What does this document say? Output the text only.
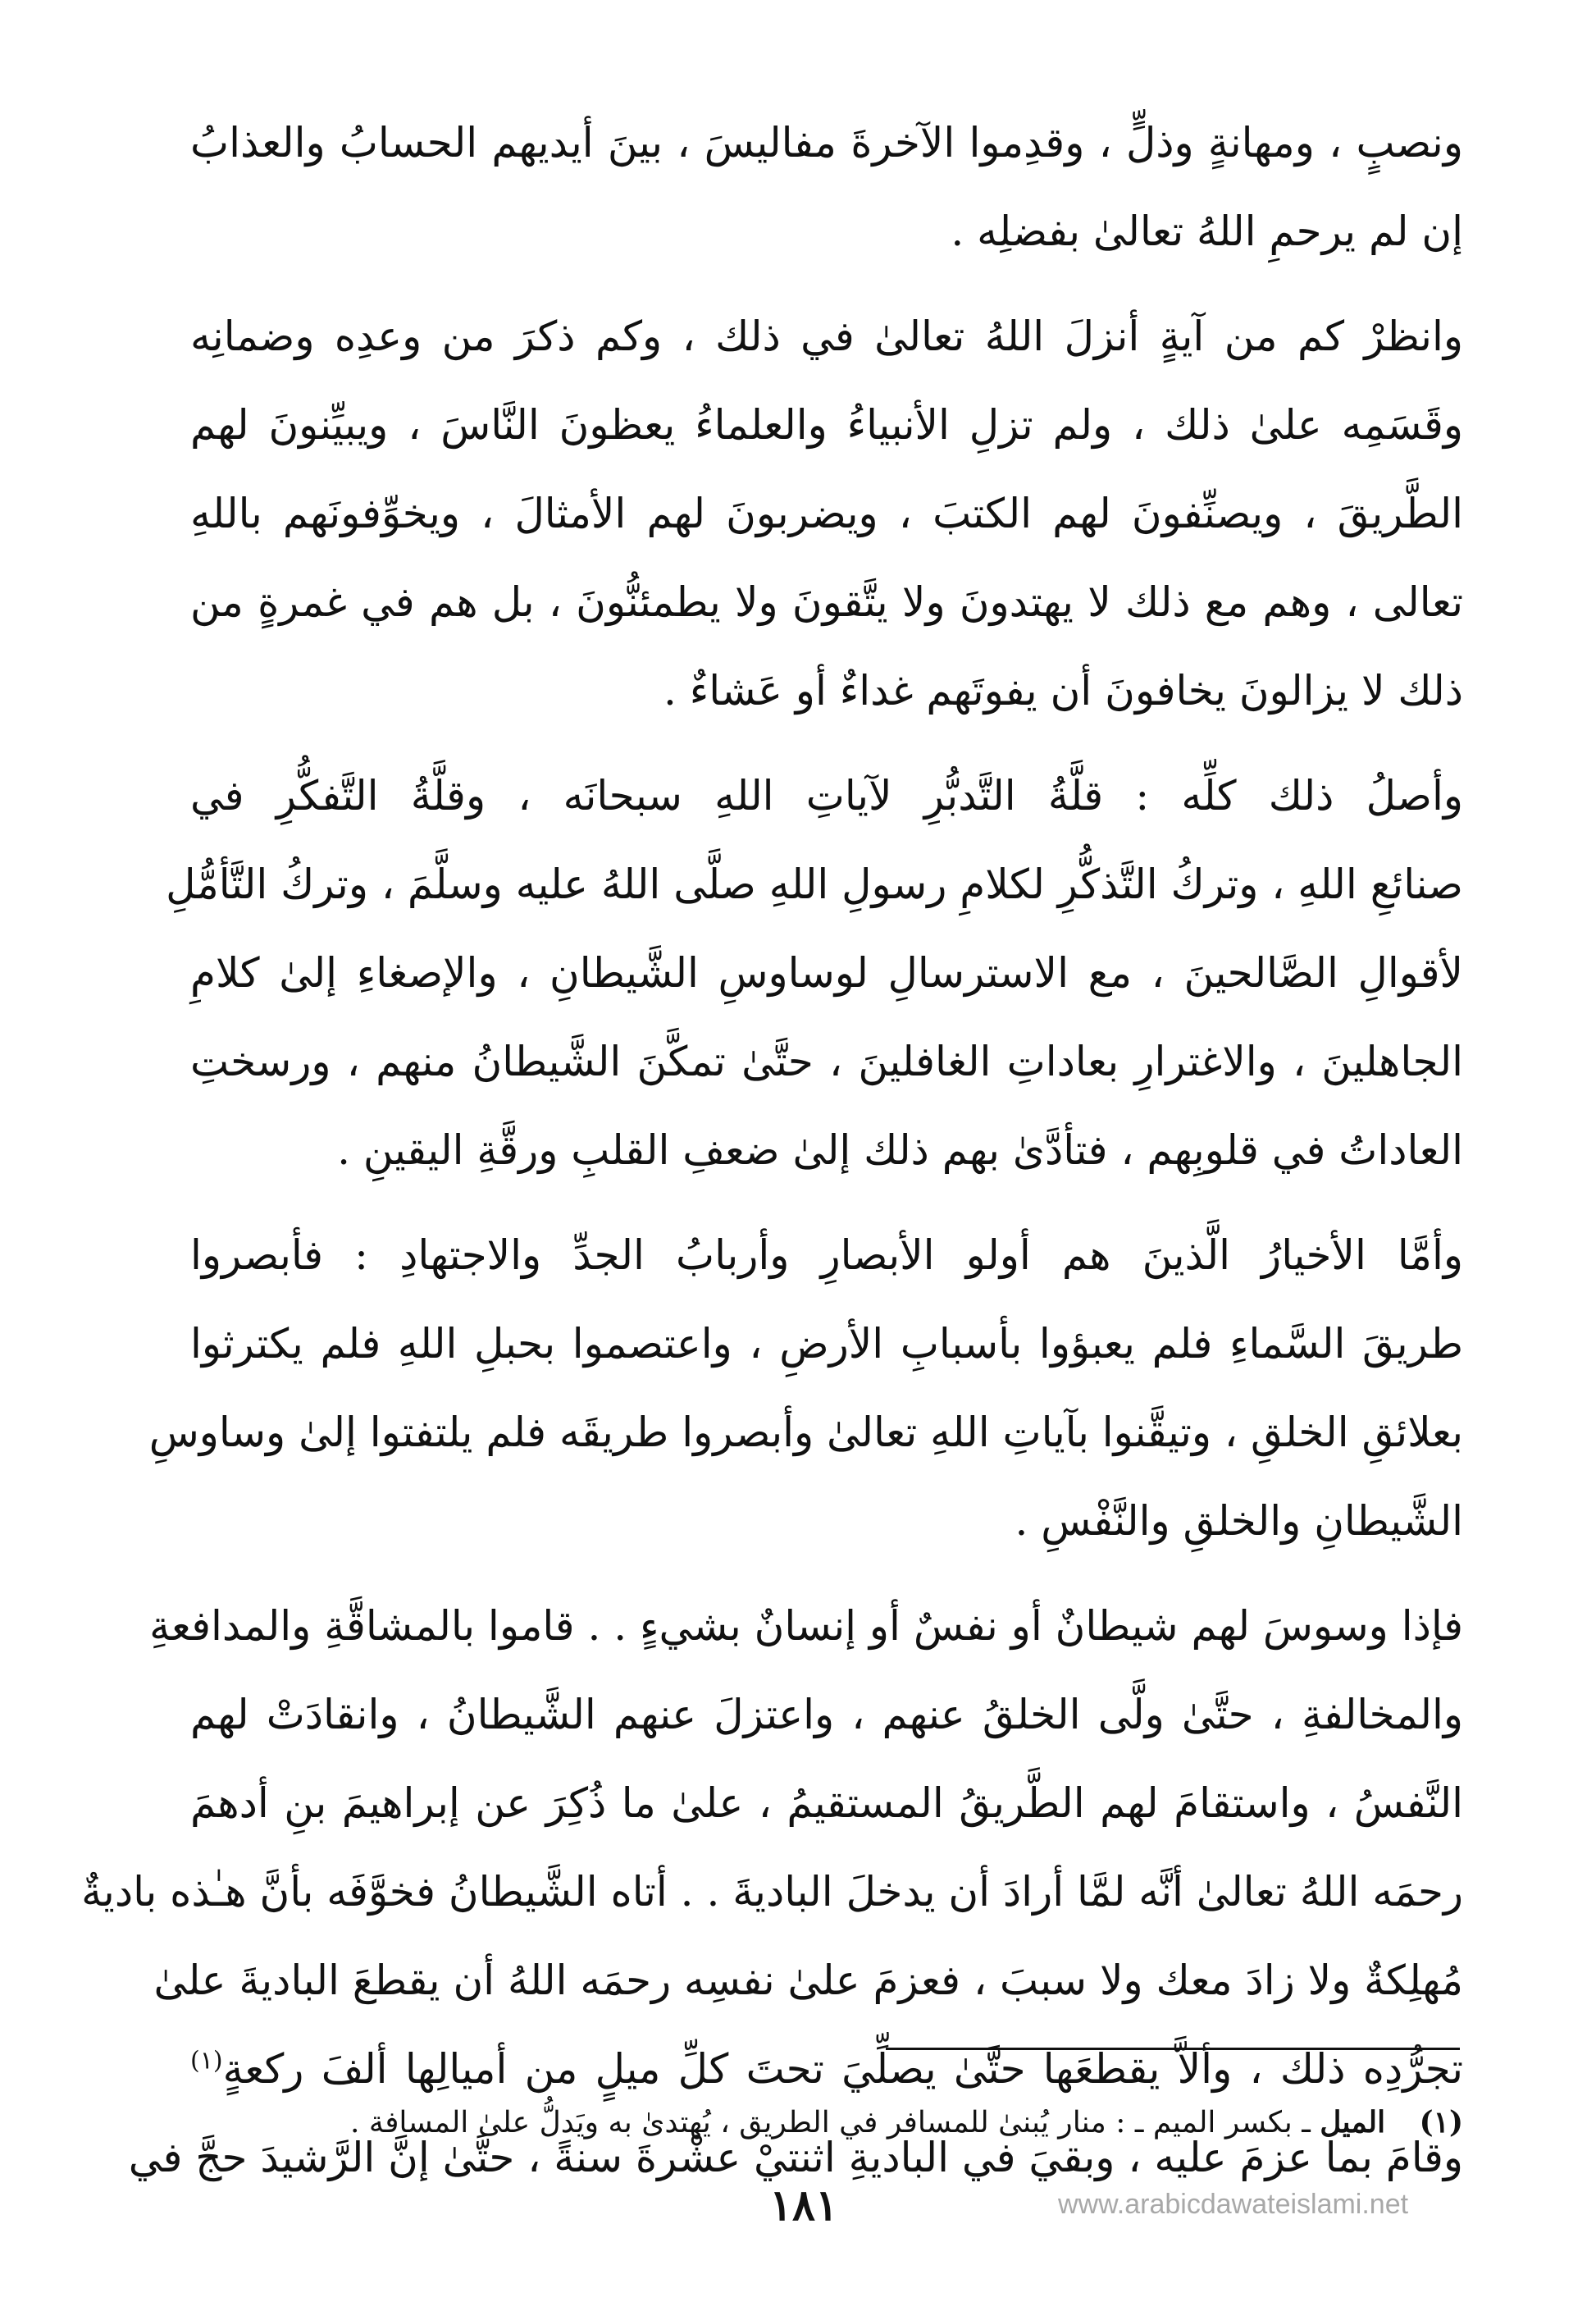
ونصبٍ ، ومهانةٍ وذلٍّ ، وقدِموا الآخرةَ مفاليسَ ، بينَ أيديهم الحسابُ والعذابُ
إن لم يرحمِ اللهُ تعالىٰ بفضلِه .

وانظرْ كم من آيةٍ أنزلَ اللهُ تعالىٰ في ذلك ، وكم ذكرَ من وعدِه وضمانِه
وقَسَمِه علىٰ ذلك ، ولم تزلِ الأنبياءُ والعلماءُ يعظونَ النَّاسَ ، ويبيِّنونَ لهم
الطَّريقَ ، ويصنِّفونَ لهم الكتبَ ، ويضربونَ لهم الأمثالَ ، ويخوِّفونَهم باللهِ
تعالى ، وهم مع ذلك لا يهتدونَ ولا يتَّقونَ ولا يطمئنُّونَ ، بل هم في غمرةٍ من
ذلك لا يزالونَ يخافونَ أن يفوتَهم غداءٌ أو عَشاءٌ .

وأصلُ ذلك كلِّه : قلَّةُ التَّدبُّرِ لآياتِ اللهِ سبحانَه ، وقلَّةُ التَّفكُّرِ في
صنائعِ اللهِ ، وتركُ التَّذكُّرِ لكلامِ رسولِ اللهِ صلَّى اللهُ عليه وسلَّمَ ، وتركُ التَّأمُّلِ
لأقوالِ الصَّالحينَ ، مع الاسترسالِ لوساوسِ الشَّيطانِ ، والإصغاءِ إلىٰ كلامِ
الجاهلينَ ، والاغترارِ بعاداتِ الغافلينَ ، حتَّىٰ تمكَّنَ الشَّيطانُ منهم ، ورسختِ
العاداتُ في قلوبِهم ، فتأدَّىٰ بهم ذلك إلىٰ ضعفِ القلبِ ورقَّةِ اليقينِ .

وأمَّا الأخيارُ الَّذينَ هم أولو الأبصارِ وأربابُ الجدِّ والاجتهادِ : فأبصروا
طريقَ السَّماءِ فلم يعبؤوا بأسبابِ الأرضِ ، واعتصموا بحبلِ اللهِ فلم يكترثوا
بعلائقِ الخلقِ ، وتيقَّنوا بآياتِ اللهِ تعالىٰ وأبصروا طريقَه فلم يلتفتوا إلىٰ وساوسِ
الشَّيطانِ والخلقِ والنَّفْسِ .

فإذا وسوسَ لهم شيطانٌ أو نفسٌ أو إنسانٌ بشيءٍ . . قاموا بالمشاقَّةِ والمدافعةِ
والمخالفةِ ، حتَّىٰ ولَّى الخلقُ عنهم ، واعتزلَ عنهم الشَّيطانُ ، وانقادَتْ لهم
النَّفسُ ، واستقامَ لهم الطَّريقُ المستقيمُ ، علىٰ ما ذُكِرَ عن إبراهيمَ بنِ أدهمَ
رحمَه اللهُ تعالىٰ أنَّه لمَّا أرادَ أن يدخلَ الباديةَ . . أتاه الشَّيطانُ فخوَّفَه بأنَّ هـٰذه باديةٌ
مُهلِكةٌ ولا زادَ معك ولا سببَ ، فعزمَ علىٰ نفسِه رحمَه اللهُ أن يقطعَ الباديةَ علىٰ
تجرُّدِه ذلك ، وألاَّ يقطعَها حتَّىٰ يصلِّيَ تحتَ كلِّ ميلٍ من أميالِها ألفَ ركعةٍ$^{(١)}$
وقامَ بما عزمَ عليه ، وبقيَ في الباديةِ اثنتيْ عشْرةَ سنةً ، حتَّىٰ إنَّ الرَّشيدَ حجَّ في

(١) الميل ـ بكسر الميم ـ : منار يُبنىٰ للمسافر في الطريق ، يُهتدىٰ به ويَدلُّ علىٰ المسافة .
١٨١	www.arabicdawateislami.net
